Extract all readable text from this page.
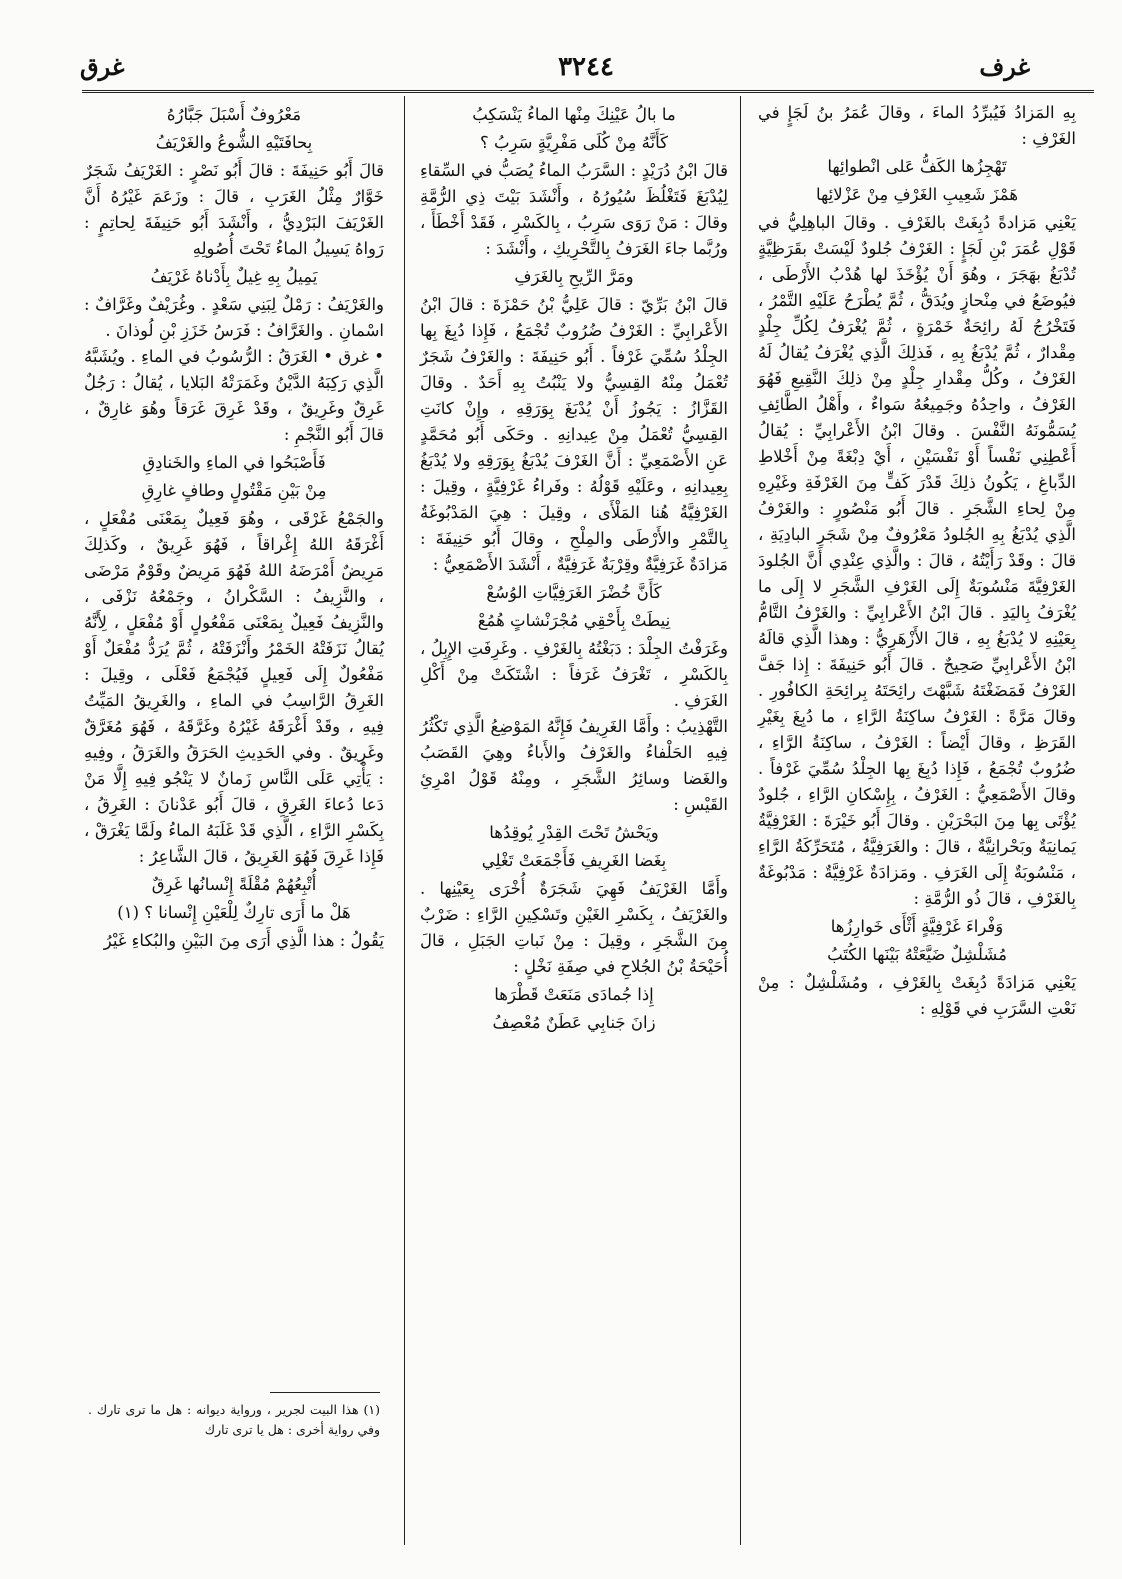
غرف
٣٢٤٤
غرق

بِهِ المَزادُ فَيُبرِّدُ الماءَ ، وقالَ عُمَرُ بنُ لَجَإٍ في الغَرْفِ :

تَهْجِزُها الكَفُّ عَلى انْطوائِها

هَمْزَ شَعِيبِ الغَرْفِ مِنْ عَزْلائِها

يَعْنِي مَزادةً دُبِغَتْ بالغَرْفِ . وقالَ الباهِلِيُّ في قَوْلِ عُمَرَ بْنِ لَجَإٍ : الغَرْفُ جُلودٌ لَيْسَتْ بقَرَظِيَّةٍ تُدْبَغُ بهَجَرَ ، وهُوَ أَنْ يُؤْخَذَ لها هُدْبُ الأَرْطَى ، فيُوضَعُ في مِنْحازٍ ويُدَقُّ ، ثُمَّ يُطْرَحُ عَلَيْهِ التَّمْرُ ، فَتَخْرُجُ لَهُ رائِحَةٌ خَمْرَةٍ ، ثُمَّ يُغْرَفُ لِكُلِّ جِلْدٍ مِقْدارٌ ، ثُمَّ يُدْبَغُ بِهِ ، فَذلِكَ الَّذِي يُغْرَفُ يُقالُ لَهُ الغَرْفُ ، وكُلُّ مِقْدارِ جِلْدٍ مِنْ ذلِكَ النَّقِيعِ فَهُوَ الغَرْفُ ، واحِدُهُ وجَمِيعُهُ سَواءٌ ، وأَهْلُ الطَّائِفِ يُسَمُّونَهُ النَّفْسَ . وقالَ ابْنُ الأَعْرابِيِّ : يُقالُ أَعْطِنِي نَفْساً أَوْ نَفْسَيْنِ ، أَيْ دِبْغَةً مِنْ أَخْلاطِ الدِّباغِ ، يَكُونُ ذلِكَ قَدْرَ كَفٍّ مِنَ الغَرْفَةِ وغَيْرِهِ مِنْ لِحاءِ الشَّجَرِ . قالَ أَبُو مَنْصُورٍ : والغَرْفُ الَّذِي يُدْبَغُ بِهِ الجُلودُ مَعْرُوفٌ مِنْ شَجَرِ البادِيَةِ ، قالَ : وقَدْ رَأَيْتُهُ ، قالَ : والَّذِي عِنْدِي أَنَّ الجُلودَ الغَرْفِيَّةَ مَنْسُوبَةٌ إِلَى الغَرْفِ الشَّجَرِ لا إِلَى ما يُغْرَفُ بِاليَدِ . قالَ ابْنُ الأَعْرابِيِّ : والغَرْفُ التَّامُّ بِعَيْنِهِ لا يُدْبَغُ بِهِ ، قالَ الأَزْهَرِيُّ : وهذا الَّذِي قالَهُ ابْنُ الأَعْرابِيِّ صَحِيحٌ . قالَ أَبُو حَنِيفَةَ : إِذا جَفَّ الغَرْفُ فَمَضَغْتَهُ شَبَّهْتَ رائِحَتَهُ بِرائِحَةِ الكافُورِ . وقالَ مَرَّةً : الغَرْفُ ساكِنَةُ الرَّاءِ ، ما دُبِغَ بِغَيْرِ القَرَظِ ، وقالَ أَيْضاً : الغَرْفُ ، ساكِنَةُ الرَّاءِ ، ضُرُوبٌ تُجْمَعُ ، فَإِذا دُبِغَ بِها الجِلْدُ سُمِّيَ غَرْفاً . وقالَ الأَصْمَعِيُّ : الغَرْفُ ، بِإِسْكانِ الرَّاءِ ، جُلودٌ يُؤْتَى بِها مِنَ البَحْرَيْنِ . وقالَ أَبُو خَيْرَةَ : الغَرْفِيَّةُ يَمانِيَةٌ وبَحْرانِيَّةٌ ، قالَ : والغَرَفِيَّةُ ، مُتَحَرِّكَةُ الرَّاءِ ، مَنْسُوبَةٌ إِلَى الغَرَفِ . ومَزادَةٌ غَرْفِيَّةٌ : مَدْبُوغَةٌ بِالغَرْفِ ، قالَ ذُو الرُّمَّةِ :

وَفْراءَ غَرْفِيَّةٍ أَثْأَى خَوارِزُها

مُشَلْشِلٌ ضَيَّعَتْهُ بَيْنَها الكُتَبُ

يَعْنِي مَزادَةً دُبِغَتْ بِالغَرْفِ ، ومُشَلْشِلٌ : مِنْ نَعْتِ السَّرَبِ في قَوْلِهِ :

ما بالُ عَيْنِكَ مِنْها الماءُ يَنْسَكِبُ

كَأَنَّهُ مِنْ كُلَى مَفْرِيَّةٍ سَرِبُ ؟

قالَ ابْنُ دُرَيْدٍ : السَّرَبُ الماءُ يُصَبُّ في السِّقاءِ لِيُدْبَغَ فَتَغْلُظَ سُيُورُهُ ، وأَنْشَدَ بَيْتَ ذِي الرُّمَّةِ وقالَ : مَنْ رَوَى سَرِبُ ، بِالكَسْرِ ، فَقَدْ أَخْطَأَ ، ورُبَّما جاءَ الغَرَفُ بِالتَّحْرِيكِ ، وأَنْشَدَ :

ومَرَّ الرِّيحِ بِالغَرَفِ

قالَ ابْنُ بَرِّيّ : قالَ عَلِيُّ بْنُ حَمْزَةَ : قالَ ابْنُ الأَعْرابِيِّ : الغَرْفُ ضُرُوبٌ تُجْمَعُ ، فَإِذا دُبِغَ بِها الجِلْدُ سُمِّيَ غَرْفاً . أَبُو حَنِيفَةَ : والغَرْفُ شَجَرٌ تُعْمَلُ مِنْهُ القِسِيُّ ولا يَنْبُتُ بِهِ أَحَدٌ . وقالَ القَزَّازُ : يَجُوزُ أَنْ يُدْبَغَ بِوَرَقِهِ ، وإِنْ كانَتِ القِسِيُّ تُعْمَلُ مِنْ عِيدانِهِ . وحَكَى أَبُو مُحَمَّدٍ عَنِ الأَصْمَعِيِّ : أَنَّ الغَرْفَ يُدْبَغُ بِوَرَقِهِ ولا يُدْبَغُ بِعِيدانِهِ ، وعَلَيْهِ قَوْلُهُ : وفَراءُ غَرْفِيَّةٍ ، وقِيلَ : الغَرْفِيَّةُ هُنا المَلْأَى ، وقِيلَ : هِيَ المَدْبُوغَةُ بِالتَّمْرِ والأَرْطَى والمِلْحِ ، وقالَ أَبُو حَنِيفَةَ : مَزادَةٌ غَرَفِيَّةٌ وقِرْبَةٌ غَرَفِيَّةٌ ، أَنْشَدَ الأَصْمَعِيُّ :

كَأَنَّ خُضْرَ الغَرَفِيَّاتِ الوُسُعْ

نِيطَتْ بِأَحْقِي مُجْرَنْشاتٍ هُمُعْ

وغَرَفْتُ الجِلْدَ : دَبَغْتُهُ بِالغَرْفِ . وغَرِفَتِ الإِبِلُ ، بِالكَسْرِ ، تَغْرَفُ غَرَفاً : اشْتَكَتْ مِنْ أَكْلِ الغَرَفِ .

التَّهْذِيبُ : وأَمَّا الغَرِيفُ فَإِنَّهُ المَوْضِعُ الَّذِي تَكْثُرُ فِيهِ الحَلْفاءُ والغَرْفُ والأَباءُ وهِيَ القَصَبُ والغَضا وسائِرُ الشَّجَرِ ، ومِنْهُ قَوْلُ امْرِئِ القَيْسِ :

ويَحْشُ تَحْتَ القِدْرِ يُوقِدُها

بِغَضا الغَرِيفِ فَأَجْمَعَتْ تَغْلِي

وأَمَّا الغَرْيَفُ فَهِيَ شَجَرَةٌ أُخْرَى بِعَيْنِها . والغَرْيَفُ ، بِكَسْرِ الغَيْنِ وتَسْكِينِ الرَّاءِ : ضَرْبٌ مِنَ الشَّجَرِ ، وقِيلَ : مِنْ نَباتِ الجَبَلِ ، قالَ أُحَيْحَةُ بْنُ الجُلاحِ في صِفَةِ نَخْلٍ :

إِذا جُمادَى مَنَعَتْ قَطْرَها

زانَ جَنابِي عَطَنٌ مُعْصِفُ

مَعْرُوفٌ أَسْبَلَ جَبَّارُهُ

بِحافَتَيْهِ الشُّوعُ والغَرْيَفُ

قالَ أَبُو حَنِيفَةَ : قالَ أَبُو نَصْرٍ : الغَرْيَفُ شَجَرٌ خَوَّارٌ مِثْلُ الغَرَبِ ، قالَ : وزَعَمَ غَيْرُهُ أَنَّ الغَرْيَفَ البَرْدِيُّ ، وأَنْشَدَ أَبُو حَنِيفَةَ لِحاتِمٍ : رَواهُ يَسِيلُ الماءُ تَحْتَ أُصُولِهِ

يَمِيلُ بِهِ غِيلٌ بِأَدْناهُ غَرْيَفُ

والغَرْيَفُ : رَمْلٌ لِبَنِي سَعْدٍ . وغُرَيْفٌ وغَرَّافٌ : اسْمانِ . والغَرَّافُ : فَرَسُ خَزَزِ بْنِ لُوذانَ .

• غرق • الغَرَقُ : الرُّسُوبُ في الماءِ . ويُشَبَّهُ الَّذِي رَكِبَهُ الدَّيْنُ وغَمَرَتْهُ البَلايا ، يُقالُ : رَجُلٌ غَرِقٌ وغَرِيقٌ ، وقَدْ غَرِقَ غَرَقاً وهُوَ غارِقٌ ، قالَ أَبُو النَّجْمِ :

فَأَصْبَحُوا في الماءِ والخَنادِقِ

مِنْ بَيْنِ مَقْتُولٍ وطافٍ غارِقِ

والجَمْعُ غَرْقَى ، وهُوَ فَعِيلٌ بِمَعْنَى مُفْعَلٍ ، أَغْرَقَهُ اللهُ إِغْراقاً ، فَهُوَ غَرِيقٌ ، وكَذلِكَ مَرِيضٌ أَمْرَضَهُ اللهُ فَهُوَ مَرِيضٌ وقَوْمٌ مَرْضَى ، والنَّزِيفُ : السَّكْرانُ ، وجَمْعُهُ نَزْفَى ، والنَّزِيفُ فَعِيلٌ بِمَعْنَى مَفْعُولٍ أَوْ مُفْعَلٍ ، لِأَنَّهُ يُقالُ نَزَفَتْهُ الخَمْرُ وأَنْزَفَتْهُ ، ثُمَّ يُرَدُّ مُفْعَلٌ أَوْ مَفْعُولٌ إِلَى فَعِيلٍ فَيُجْمَعُ فَعْلَى ، وقِيلَ : الغَرِقُ الرَّاسِبُ في الماءِ ، والغَرِيقُ المَيِّتُ فِيهِ ، وقَدْ أَغْرَقَهُ غَيْرُهُ وغَرَّقَهُ ، فَهُوَ مُغَرَّقٌ وغَرِيقٌ . وفي الحَدِيثِ الحَرَقُ والغَرَقُ ، وفِيهِ : يَأْتِي عَلَى النَّاسِ زَمانٌ لا يَنْجُو فِيهِ إِلَّا مَنْ دَعا دُعاءَ الغَرِقِ ، قالَ أَبُو عَدْنانَ : الغَرِقُ ، بِكَسْرِ الرَّاءِ ، الَّذِي قَدْ غَلَبَهُ الماءُ ولَمَّا يَغْرَقْ ، فَإِذا غَرِقَ فَهُوَ الغَرِيقُ ، قالَ الشَّاعِرُ :

أُتْبِعُهُمْ مُقْلَةً إِنْسانُها غَرِقٌ

هَلْ ما أَرَى تارِكٌ لِلْعَيْنِ إِنْسانا ؟ (١)

يَقُولُ : هذا الَّذِي أَرَى مِنَ البَيْنِ والبُكاءِ غَيْرُ

(١) هذا البيت لجرير ، ورواية ديوانه : هل ما ترى تارك . وفي رواية أخرى : هل يا ترى تارك
